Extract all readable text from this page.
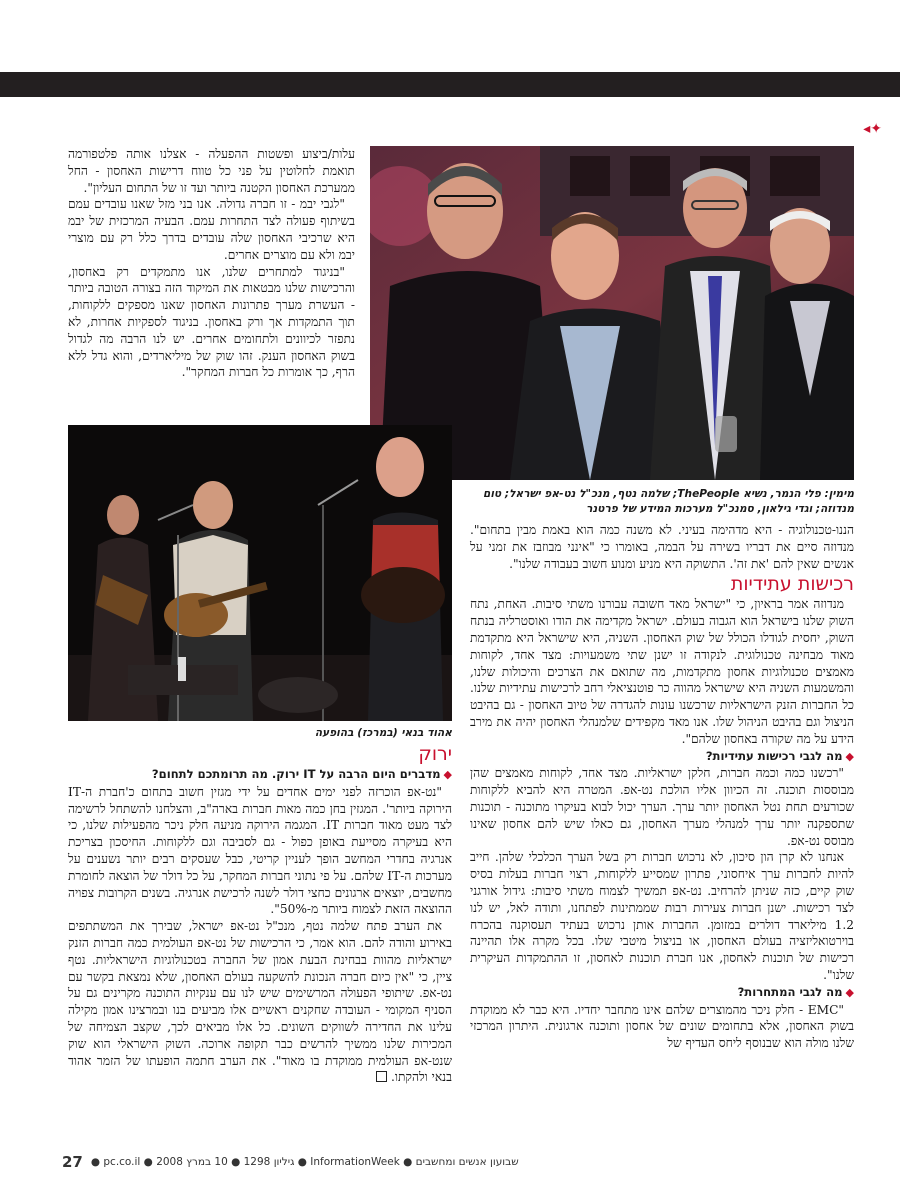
◂✦

עלות/ביצוע ופשטות ההפעלה - אצלנו אותה פלטפורמה תואמת לחלוטין על פני כל טווח דרישות האחסון - החל ממערכת האחסון הקטנה ביותר ועד זו של התחום העליון".

"לגבי יבמ - זו חברה גדולה. אנו בני מזל שאנו עובדים עמם בשיתוף פעולה לצד התחרות עמם. הבעיה המרכזית של יבמ היא שרכיבי האחסון שלה עובדים בדרך כלל רק עם מוצרי יבמ ולא עם מוצרים אחרים.

"בניגוד למתחרים שלנו, אנו מתמקדים רק באחסון, והרכישות שלנו מבטאות את המיקוד הזה בצורה הטובה ביותר - העשרת מערך פתרונות האחסון שאנו מספקים ללקוחות, תוך התמקדות אך ורק באחסון. בניגוד לספקיות אחרות, לא נתפזר לכיוונים ולתחומים אחרים. יש לנו הרבה מה לגדול בשוק האחסון הענק. זהו שוק של מיליארדים, והוא גדל ללא הרף, כך אומרות כל חברות המחקר".

מימין: פלי הנמר, נשיא ThePeople; שלמה נטף, מנכ"ל נט-אפ ישראל; טום מנדוזה; וגדי גילאון, סמנכ"ל מערכות המידע של פרטנר
אהוד בנאי (במרכז) בהופעה

הננו-טכנולוגיה - היא מדהימה בעיני. לא משנה כמה הוא באמת מבין בתחום". מנדוזה סיים את דבריו בשירה על הבמה, באומרו כי "אינני מבוזבז את זמני על אנשים שאין להם 'את זה'. התשוקה היא מניע ומנוע חשוב בעבודה שלנו".

רכישות עתידיות

מנדוזה אמר בראיון, כי "ישראל מאד חשובה עבורנו משתי סיבות. האחת, נתח השוק שלנו בישראל הוא הגבוה בעולם. ישראל מקדימה את הודו ואוסטרליה בנתח השוק, יחסית לגודלו הכולל של שוק האחסון. השניה, היא שישראל היא מתקדמת מאוד מבחינה טכנולוגית. לנקודה זו ישנן שתי משמעויות: מצד אחד, לקוחות מאמצים טכנולוגיות אחסון מתקדמות, מה שתואם את הצרכים והיכולות שלנו, והמשמעות השניה היא שישראל מהווה כר פוטנציאלי רחב לרכישות עתידיות שלנו. כל החברות הזנק הישראליות שרכשנו עונות להגדרה של טיוב האחסון - גם בהיבט הניצול וגם בהיבט הניהול שלו. אנו מאד מקפידים שלמנהלי האחסון יהיה את מירב הידע על מה שקורה באחסון שלהם".

◆מה לגבי רכישות עתידיות?

"רכשנו כמה וכמה חברות, חלקן ישראליות. מצד אחד, לקוחות מאמצים שהן מבוססות תוכנה. זה הכיוון אליו הולכת נט-אפ. המטרה היא להביא ללקוחות שכורעים תחת נטל האחסון יותר ערך. הערך יכול לבוא בעיקרו מתוכנה - תוכנות שתספקנה יותר ערך למנהלי מערך האחסון, גם כאלו שיש להם אחסון שאינו מבוסס נט-אפ.

אנחנו לא קרן הון סיכון, לא נרכוש חברות רק בשל הערך הכלכלי שלהן. חייב להיות לחברות ערך איחסוני, פתרון שמסייע ללקוחות, רצוי חברות בעלות בסיס שוק קיים, כזה שניתן להרחיב. נט-אפ תמשיך לצמוח משתי סיבות: גידול אורגני לצד רכישות. ישנן חברות צעירות רבות שממתינות לפתחנו, ותודה לאל, יש לנו 1.2 מיליארד דולרים במזומן. החברות אותן נרכוש בעתיד תעסוקנה בהכרח בוירטואליזציה בעולם האחסון, או בניצול מיטבי שלו. בכל מקרה אלו תהיינה רכישות של תוכנות לאחסון, אנו חברת תוכנות לאחסון, זו ההתמקדות העיקרית שלנו".

◆מה לגבי המתחרות?

"EMC - חלק ניכר מהמוצרים שלהם אינו מתחבר יחדיו. היא כבר לא ממוקדת בשוק האחסון, אלא בתחומים שונים של אחסון ותוכנה ארגונית. היתרון המרכזי שלנו מולה הוא שבנוסף ליחס העדיף של

ירוק

◆מדברים היום הרבה על IT ירוק. מה תרומתכם לתחום?

"נט-אפ הוכרזה לפני ימים אחדים על ידי מגזין חשוב בתחום כ'חברת ה-IT הירוקה ביותר'. המגזין בחן כמה מאות חברות בארה"ב, והצלחנו להשתחל לרשימה לצד מעט מאוד חברות IT. המגמה הירוקה מניעה חלק ניכר מהפעילות שלנו, כי היא בעיקרה מסייעת באופן כפול - גם לסביבה וגם ללקוחות. החיסכון בצריכת אנרגיה בחדרי המחשב הופך לעניין קריטי, כבל שעסקים רבים יותר נשענים על מערכות ה-IT שלהם. על פי נתוני חברות המחקר, על כל דולר של הוצאה לחומרת מחשבים, יוצאים ארגונים כחצי דולר לשנה לרכישת אנרגיה. בשנים הקרובות צפויה ההוצאה הזאת לצמוח ביותר מ-50%".

את הערב פתח שלמה נטף, מנכ"ל נט-אפ ישראל, שבירך את המשתתפים באירוע והודה להם. הוא אמר, כי הרכישות של נט-אפ העולמית כמה חברות הזנק ישראליות מהוות בבחינת הבעת אמון של החברה בטכנולוגיות הישראליות. נטף ציין, כי "אין כיום חברה הנכונת להשקעה בעולם האחסון, שלא נמצאת בקשר עם נט-אפ. שיתופי הפעולה המרשימים שיש לנו עם ענקיות התוכנה מקרינים גם על הסניף המקומי - העובדה שחקנים ראשיים אלו מביעים בנו ובמרצינו אמון מקילה עלינו את החדירה לשווקים השונים. כל אלו מביאים לכך, שקצב הצמיחה של המכירות שלנו ממשיך להרשים כבר תקופה ארוכה. השוק הישראלי הוא שוק שנט-אפ העולמית ממוקדת בו מאוד". את הערב חתמה הופעתו של הזמר אהוד בנאי ולהקתו.

שבועון אנשים ומחשבים ● InformationWeek ● גיליון 1298 ● 10 במרץ 2008 ● pc.co.il ●
27
